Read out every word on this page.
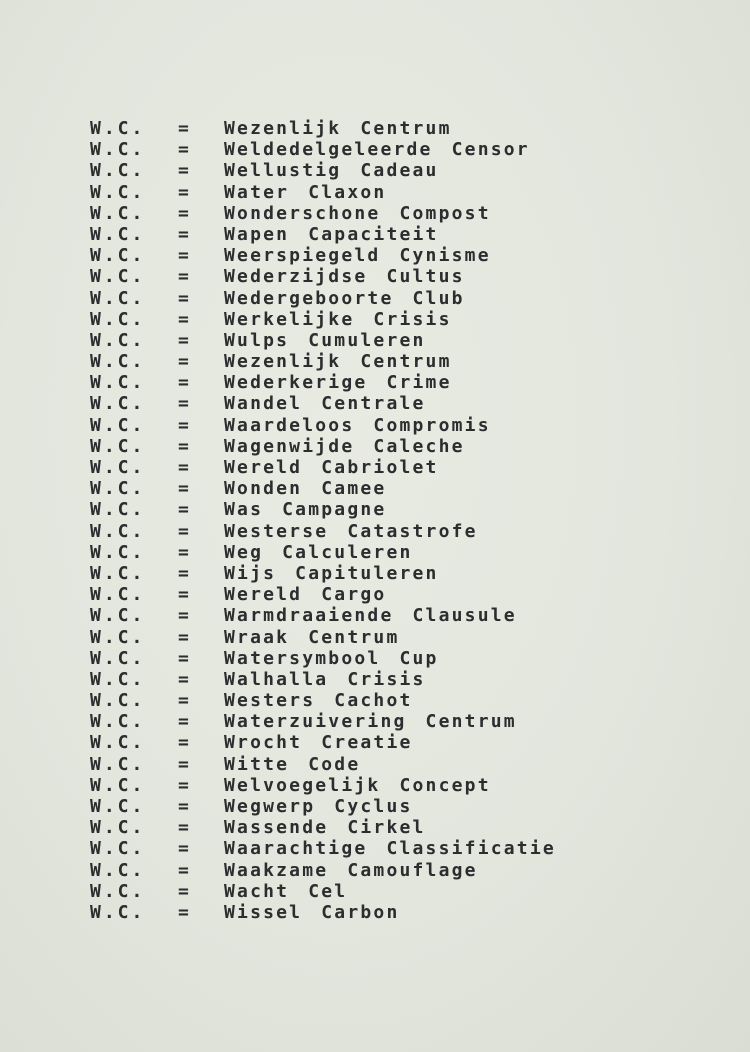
W.C.	=	Wezenlijk Centrum
W.C.	=	Weldedelgeleerde Censor
W.C.	=	Wellustig Cadeau
W.C.	=	Water Claxon
W.C.	=	Wonderschone Compost
W.C.	=	Wapen Capaciteit
W.C.	=	Weerspiegeld Cynisme
W.C.	=	Wederzijdse Cultus
W.C.	=	Wedergeboorte Club
W.C.	=	Werkelijke Crisis
W.C.	=	Wulps Cumuleren
W.C.	=	Wezenlijk Centrum
W.C.	=	Wederkerige Crime
W.C.	=	Wandel Centrale
W.C.	=	Waardeloos Compromis
W.C.	=	Wagenwijde Caleche
W.C.	=	Wereld Cabriolet
W.C.	=	Wonden Camee
W.C.	=	Was Campagne
W.C.	=	Westerse Catastrofe
W.C.	=	Weg Calculeren
W.C.	=	Wijs Capituleren
W.C.	=	Wereld Cargo
W.C.	=	Warmdraaiende Clausule
W.C.	=	Wraak Centrum
W.C.	=	Watersymbool Cup
W.C.	=	Walhalla Crisis
W.C.	=	Westers Cachot
W.C.	=	Waterzuivering Centrum
W.C.	=	Wrocht Creatie
W.C.	=	Witte Code
W.C.	=	Welvoegelijk Concept
W.C.	=	Wegwerp Cyclus
W.C.	=	Wassende Cirkel
W.C.	=	Waarachtige Classificatie
W.C.	=	Waakzame Camouflage
W.C.	=	Wacht Cel
W.C.	=	Wissel Carbon
